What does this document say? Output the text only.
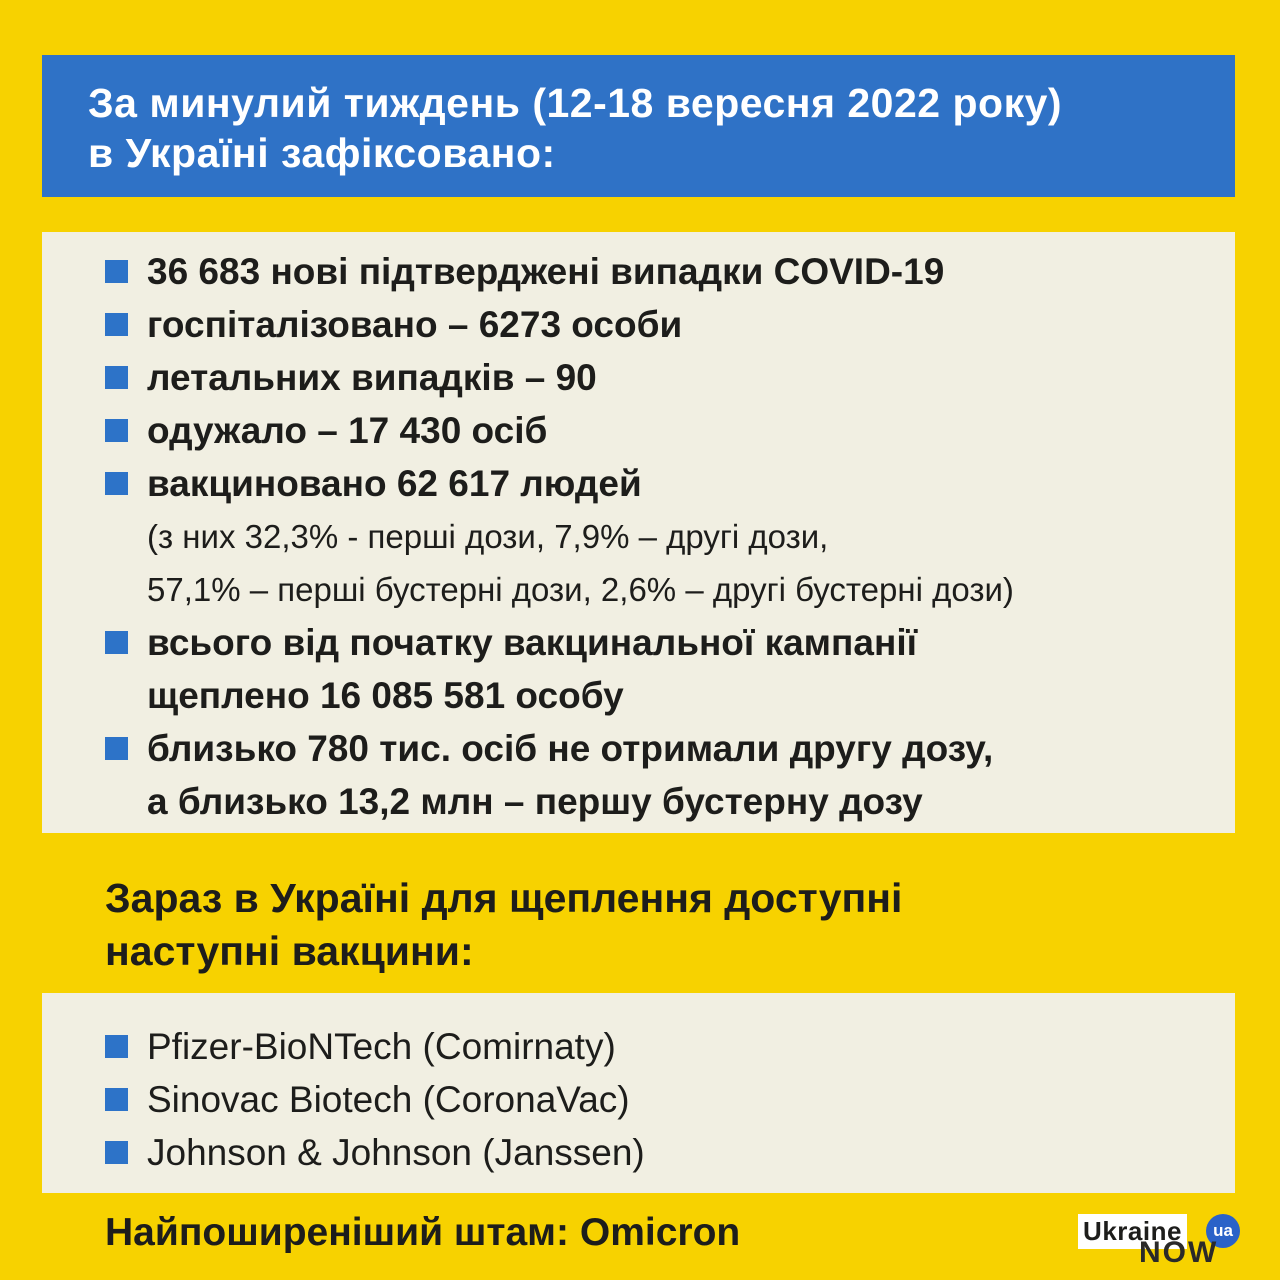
За минулий тиждень (12-18 вересня 2022 року)
в Україні зафіксовано:
36 683 нові підтверджені випадки COVID-19
госпіталізовано – 6273 особи
летальних випадків – 90
одужало – 17 430 осіб
вакциновано 62 617 людей
(з них 32,3% - перші дози, 7,9% – другі дози,
57,1% – перші бустерні дози, 2,6% – другі бустерні дози)
всього від початку вакцинальної кампанії
щеплено 16 085 581 особу
близько 780 тис. осіб не отримали другу дозу,
а близько 13,2 млн – першу бустерну дозу
Зараз в Україні для щеплення доступні
наступні вакцини:
Pfizer-BioNTech (Comirnaty)
Sinovac Biotech (CoronaVac)
Johnson & Johnson (Janssen)
Найпоширеніший штам: Omicron	Ukraine
NOW
ua
